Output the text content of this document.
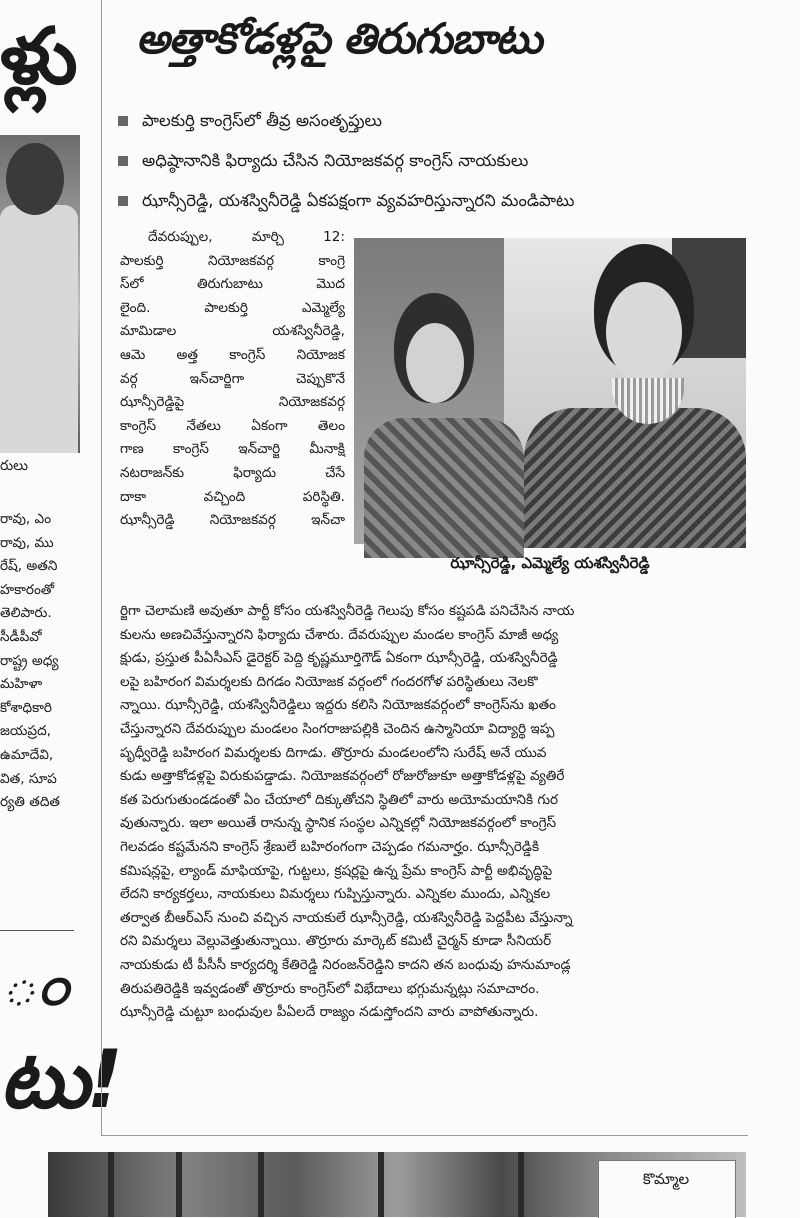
ళ్లు
రులు
రావు, ఎం
రావు, ము
రేష్, అతని
హకారంతో
తెలిపారు.
సీడీపీవో
రాష్ట్ర అధ్య
మహిళా
కోశాధికారి
జయప్రద,
ఉమాదేవి,
విత, సూప
ర్యతి తదిత
ం
టు!
అత్తాకోడళ్లపై తిరుగుబాటు
పాలకుర్తి కాంగ్రెస్‌లో తీవ్ర అసంతృప్తులు
అధిష్ఠానానికి ఫిర్యాదు చేసిన నియోజకవర్గ కాంగ్రెస్ నాయకులు
ఝాన్సీరెడ్డి, యశస్వినీరెడ్డి ఏకపక్షంగా వ్యవహరిస్తున్నారని మండిపాటు
దేవరుప్పుల, మార్చి 12:
పాలకుర్తి నియోజకవర్గ కాంగ్రె
స్‌లో తిరుగుబాటు మొద
లైంది. పాలకుర్తి ఎమ్మెల్యే
మామిడాల యశస్వినీరెడ్డి,
ఆమె అత్త కాంగ్రెస్ నియోజక
వర్గ ఇన్‌చార్జిగా చెప్పుకొనే
ఝాన్సీరెడ్డిపై నియోజకవర్గ
కాంగ్రెస్ నేతలు ఏకంగా తెలం
గాణ కాంగ్రెస్ ఇన్‌చార్జి మీనాక్షి
నటరాజన్‌కు ఫిర్యాదు చేసే
దాకా వచ్చింది పరిస్థితి.
ఝాన్సీరెడ్డి నియోజకవర్గ ఇన్‌చా
ఝాన్సీరెడ్డి, ఎమ్మెల్యే యశస్వినీరెడ్డి
ర్జిగా చెలామణి అవుతూ పార్టీ కోసం యశస్వినీరెడ్డి గెలుపు కోసం కష్టపడి పనిచేసిన నాయ
కులను అణచివేస్తున్నారని ఫిర్యాదు చేశారు. దేవరుప్పుల మండల కాంగ్రెస్ మాజీ అధ్య
క్షుడు, ప్రస్తుత పీఏసీఎస్ డైరెక్టర్ పెద్ది కృష్ణమూర్తిగౌడ్ ఏకంగా ఝాన్సీరెడ్డి, యశస్వినీరెడ్డి
లపై బహిరంగ విమర్శలకు దిగడం నియోజక వర్గంలో గందరగోళ పరిస్థితులు నెలకొ
న్నాయి. ఝాన్సీరెడ్డి, యశస్వినీరెడ్డిలు ఇద్దరు కలిసి నియోజకవర్గంలో కాంగ్రెస్‌ను ఖతం
చేస్తున్నారని దేవరుప్పుల మండలం సింగరాజుపల్లికి చెందిన ఉస్మానియా విద్యార్థి ఇప్ప
పృధ్వీరెడ్డి బహిరంగ విమర్శలకు దిగాడు. తొర్రూరు మండలంలోని సురేష్ అనే యువ
కుడు అత్తాకోడళ్లపై విరుకుపడ్డాడు. నియోజకవర్గంలో రోజురోజుకూ అత్తాకోడళ్లపై వ్యతిరే
కత పెరుగుతుండడంతో ఏం చేయాలో దిక్కుతోచని స్థితిలో వారు అయోమయానికి గుర
వుతున్నారు. ఇలా అయితే రానున్న స్థానిక సంస్థల ఎన్నికల్లో నియోజకవర్గంలో కాంగ్రెస్
గెలవడం కష్టమేనని కాంగ్రెస్ శ్రేణులే బహిరంగంగా చెప్పడం గమనార్హం. ఝాన్సీరెడ్డికి
కమిషన్లపై, ల్యాండ్ మాఫియాపై, గుట్టలు, క్రషర్లపై ఉన్న ప్రేమ కాంగ్రెస్ పార్టీ అభివృద్ధిపై
లేదని కార్యకర్తలు, నాయకులు విమర్శలు గుప్పిస్తున్నారు. ఎన్నికల ముందు, ఎన్నికల
తర్వాత బీఆర్ఎస్ నుంచి వచ్చిన నాయకులే ఝాన్సీరెడ్డి, యశస్వినీరెడ్డి పెద్దపీట వేస్తున్నా
రని విమర్శలు వెల్లువెత్తుతున్నాయి. తొర్రూరు మార్కెట్ కమిటీ చైర్మన్ కూడా సీనియర్
నాయకుడు టీ పీసీసీ కార్యదర్శి కేతిరెడ్డి నిరంజన్‌రెడ్డిని కాదని తన బంధువు హనుమాండ్ల
తిరుపతిరెడ్డికి ఇవ్వడంతో తొర్రూరు కాంగ్రెస్‌లో విభేదాలు భగ్గుమన్నట్లు సమాచారం.
ఝాన్సీరెడ్డి చుట్టూ బంధువుల పీఏలదే రాజ్యం నడుస్తోందని వారు వాపోతున్నారు.
కొమ్మాల
